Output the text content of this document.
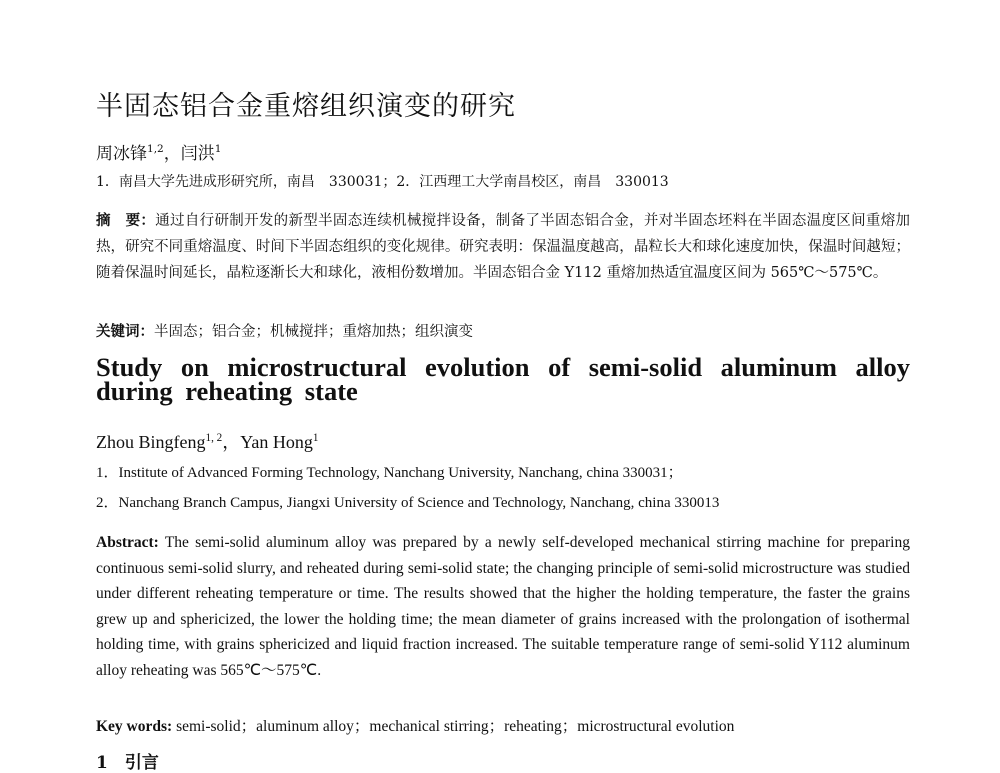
半固态铝合金重熔组织演变的研究
周冰锋$^{1,2}$，闫洪$^1$
1．南昌大学先进成形研究所，南昌　330031；2．江西理工大学南昌校区，南昌　330013

摘　要：通过自行研制开发的新型半固态连续机械搅拌设备，制备了半固态铝合金，并对半固态坯料在半固态温度区间重熔加热，研究不同重熔温度、时间下半固态组织的变化规律。研究表明：保温温度越高，晶粒长大和球化速度加快，保温时间越短；随着保温时间延长，晶粒逐渐长大和球化，液相份数增加。半固态铝合金 Y112 重熔加热适宜温度区间为 565℃～575℃。

关键词：半固态；铝合金；机械搅拌；重熔加热；组织演变
Study on microstructural evolution of semi-solid aluminum alloy during reheating state
Zhou Bingfeng$^{1, 2}$，Yan Hong$^1$
1．Institute of Advanced Forming Technology, Nanchang University, Nanchang, china 330031；
2．Nanchang Branch Campus, Jiangxi University of Science and Technology, Nanchang, china 330013

Abstract: The semi-solid aluminum alloy was prepared by a newly self-developed mechanical stirring machine for preparing continuous semi-solid slurry, and reheated during semi-solid state; the changing principle of semi-solid microstructure was studied under different reheating temperature or time. The results showed that the higher the holding temperature, the faster the grains grew up and sphericized, the lower the holding time; the mean diameter of grains increased with the prolongation of isothermal holding time, with grains sphericized and liquid fraction increased. The suitable temperature range of semi-solid Y112 aluminum alloy reheating was 565℃～575℃.

Key words: semi-solid；aluminum alloy；mechanical stirring；reheating；microstructural evolution
1　 引言
